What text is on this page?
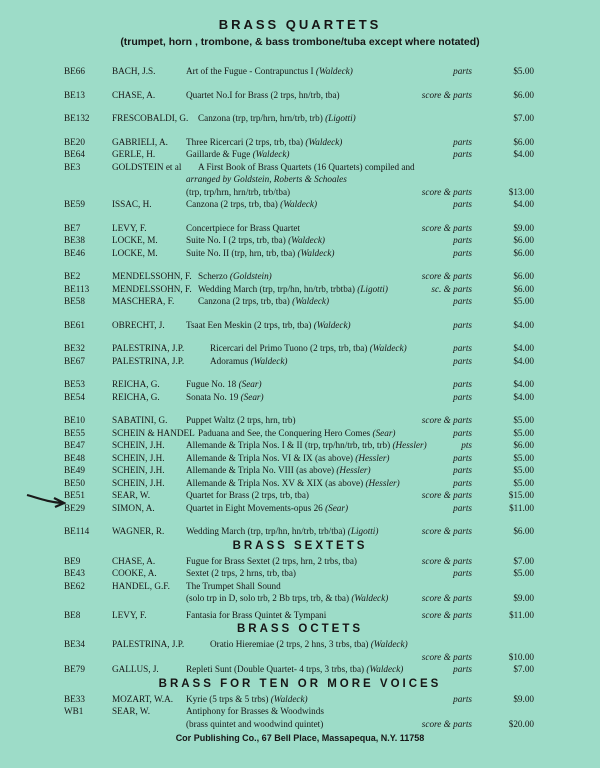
BRASS QUARTETS
(trumpet, horn , trombone, & bass trombone/tuba except where notated)
BE66	BACH, J.S.	Art of the Fugue - Contrapunctus I (Waldeck)	parts	$5.00
BE13	CHASE, A.	Quartet No.I for Brass (2 trps, hn/trb, tba)	score & parts	$6.00
BE132 FRESCOBALDI, G. Canzona (trp, trp/hrn, hrn/trb, trb) (Ligotti)	$7.00
BE20	GABRIELI, A. Three Ricercari (2 trps, trb, tba) (Waldeck)	parts	$6.00
BE64	GERLE, H.	Gaillarde & Fuge (Waldeck)	parts	$4.00
BE3	GOLDSTEIN et al A First Book of Brass Quartets (16 Quartets) compiled and
arranged by Goldstein, Roberts & Schoales
(trp, trp/hrn, hrn/trb, trb/tba)	score & parts	$13.00
BE59	ISSAC, H.	Canzona (2 trps, trb, tba) (Waldeck)	parts	$4.00
BE7	LEVY, F.	Concertpiece for Brass Quartet	score & parts	$9.00
BE38	LOCKE, M.	Suite No. I (2 trps, trb, tba) (Waldeck)	parts	$6.00
BE46	LOCKE, M.	Suite No. II (trp, hrn, trb, tba) (Waldeck)	parts	$6.00
BE2	MENDELSSOHN, F. Scherzo (Goldstein)	score & parts	$6.00
BE113 MENDELSSOHN, F. Wedding March (trp, trp/hn, hn/trb, trbtba) (Ligotti)	sc. & parts	$6.00
BE58	MASCHERA, F.	Canzona (2 trps, trb, tba) (Waldeck)	parts	$5.00
BE61	OBRECHT, J. Tsaat Een Meskin (2 trps, trb, tba) (Waldeck)	parts	$4.00
BE32	PALESTRINA, J.P.	Ricercari del Primo Tuono (2 trps, trb, tba) (Waldeck)	parts	$4.00
BE67	PALESTRINA, J.P.	Adoramus (Waldeck)	parts	$4.00
BE53	REICHA, G.	Fugue No. 18 (Sear)	parts	$4.00
BE54	REICHA, G.	Sonata No. 19 (Sear)	parts	$4.00
BE10	SABATINI, G. Puppet Waltz (2 trps, hrn, trb)	score & parts	$5.00
BE55	SCHEIN & HANDEL Paduana and See, the Conquering Hero Comes (Sear)	parts	$5.00
BE47	SCHEIN, J.H. Allemande & Tripla Nos. I & II (trp, trp/hn/trb, trb, trb) (Hessler)	pts	$6.00
BE48	SCHEIN, J.H. Allemande & Tripla Nos. VI & IX (as above) (Hessler)	parts	$5.00
BE49	SCHEIN, J.H. Allemande & Tripla No. VIII (as above) (Hessler)	parts	$5.00
BE50	SCHEIN, J.H. Allemande & Tripla Nos. XV & XIX (as above) (Hessler)	parts	$5.00
BE51	SEAR, W.	Quartet for Brass (2 trps, trb, tba)	score & parts	$15.00
BE29	SIMON, A.	Quartet in Eight Movements-opus 26 (Sear)	parts	$11.00
BE114 WAGNER, R. Wedding March (trp, trp/hn, hn/trb, trb/tba) (Ligotti)	score & parts	$6.00
BRASS SEXTETS
BE9	CHASE, A.	Fugue for Brass Sextet (2 trps, hrn, 2 trbs, tba)	score & parts	$7.00
BE43	COOKE, A.	Sextet (2 trps, 2 hrns, trb, tba)	parts	$5.00
BE62	HANDEL, G.F. The Trumpet Shall Sound
(solo trp in D, solo trb, 2 Bb trps, trb, & tba) (Waldeck)	score & parts	$9.00
BE8	LEVY, F.	Fantasia for Brass Quintet & Tympani	score & parts	$11.00
BRASS OCTETS
BE34	PALESTRINA, J.P.	Oratio Hieremiae (2 trps, 2 hns, 3 trbs, tba) (Waldeck)
score & parts	$10.00
BE79	GALLUS, J.	Repleti Sunt (Double Quartet- 4 trps, 3 trbs, tba) (Waldeck)	parts	$7.00
BRASS FOR TEN OR MORE VOICES
BE33	MOZART, W.A. Kyrie (5 trps & 5 trbs) (Waldeck)	parts	$9.00
WB1	SEAR, W.	Antiphony for Brasses & Woodwinds
(brass quintet and woodwind quintet)	score & parts	$20.00
Cor Publishing Co., 67 Bell Place, Massapequa, N.Y. 11758
